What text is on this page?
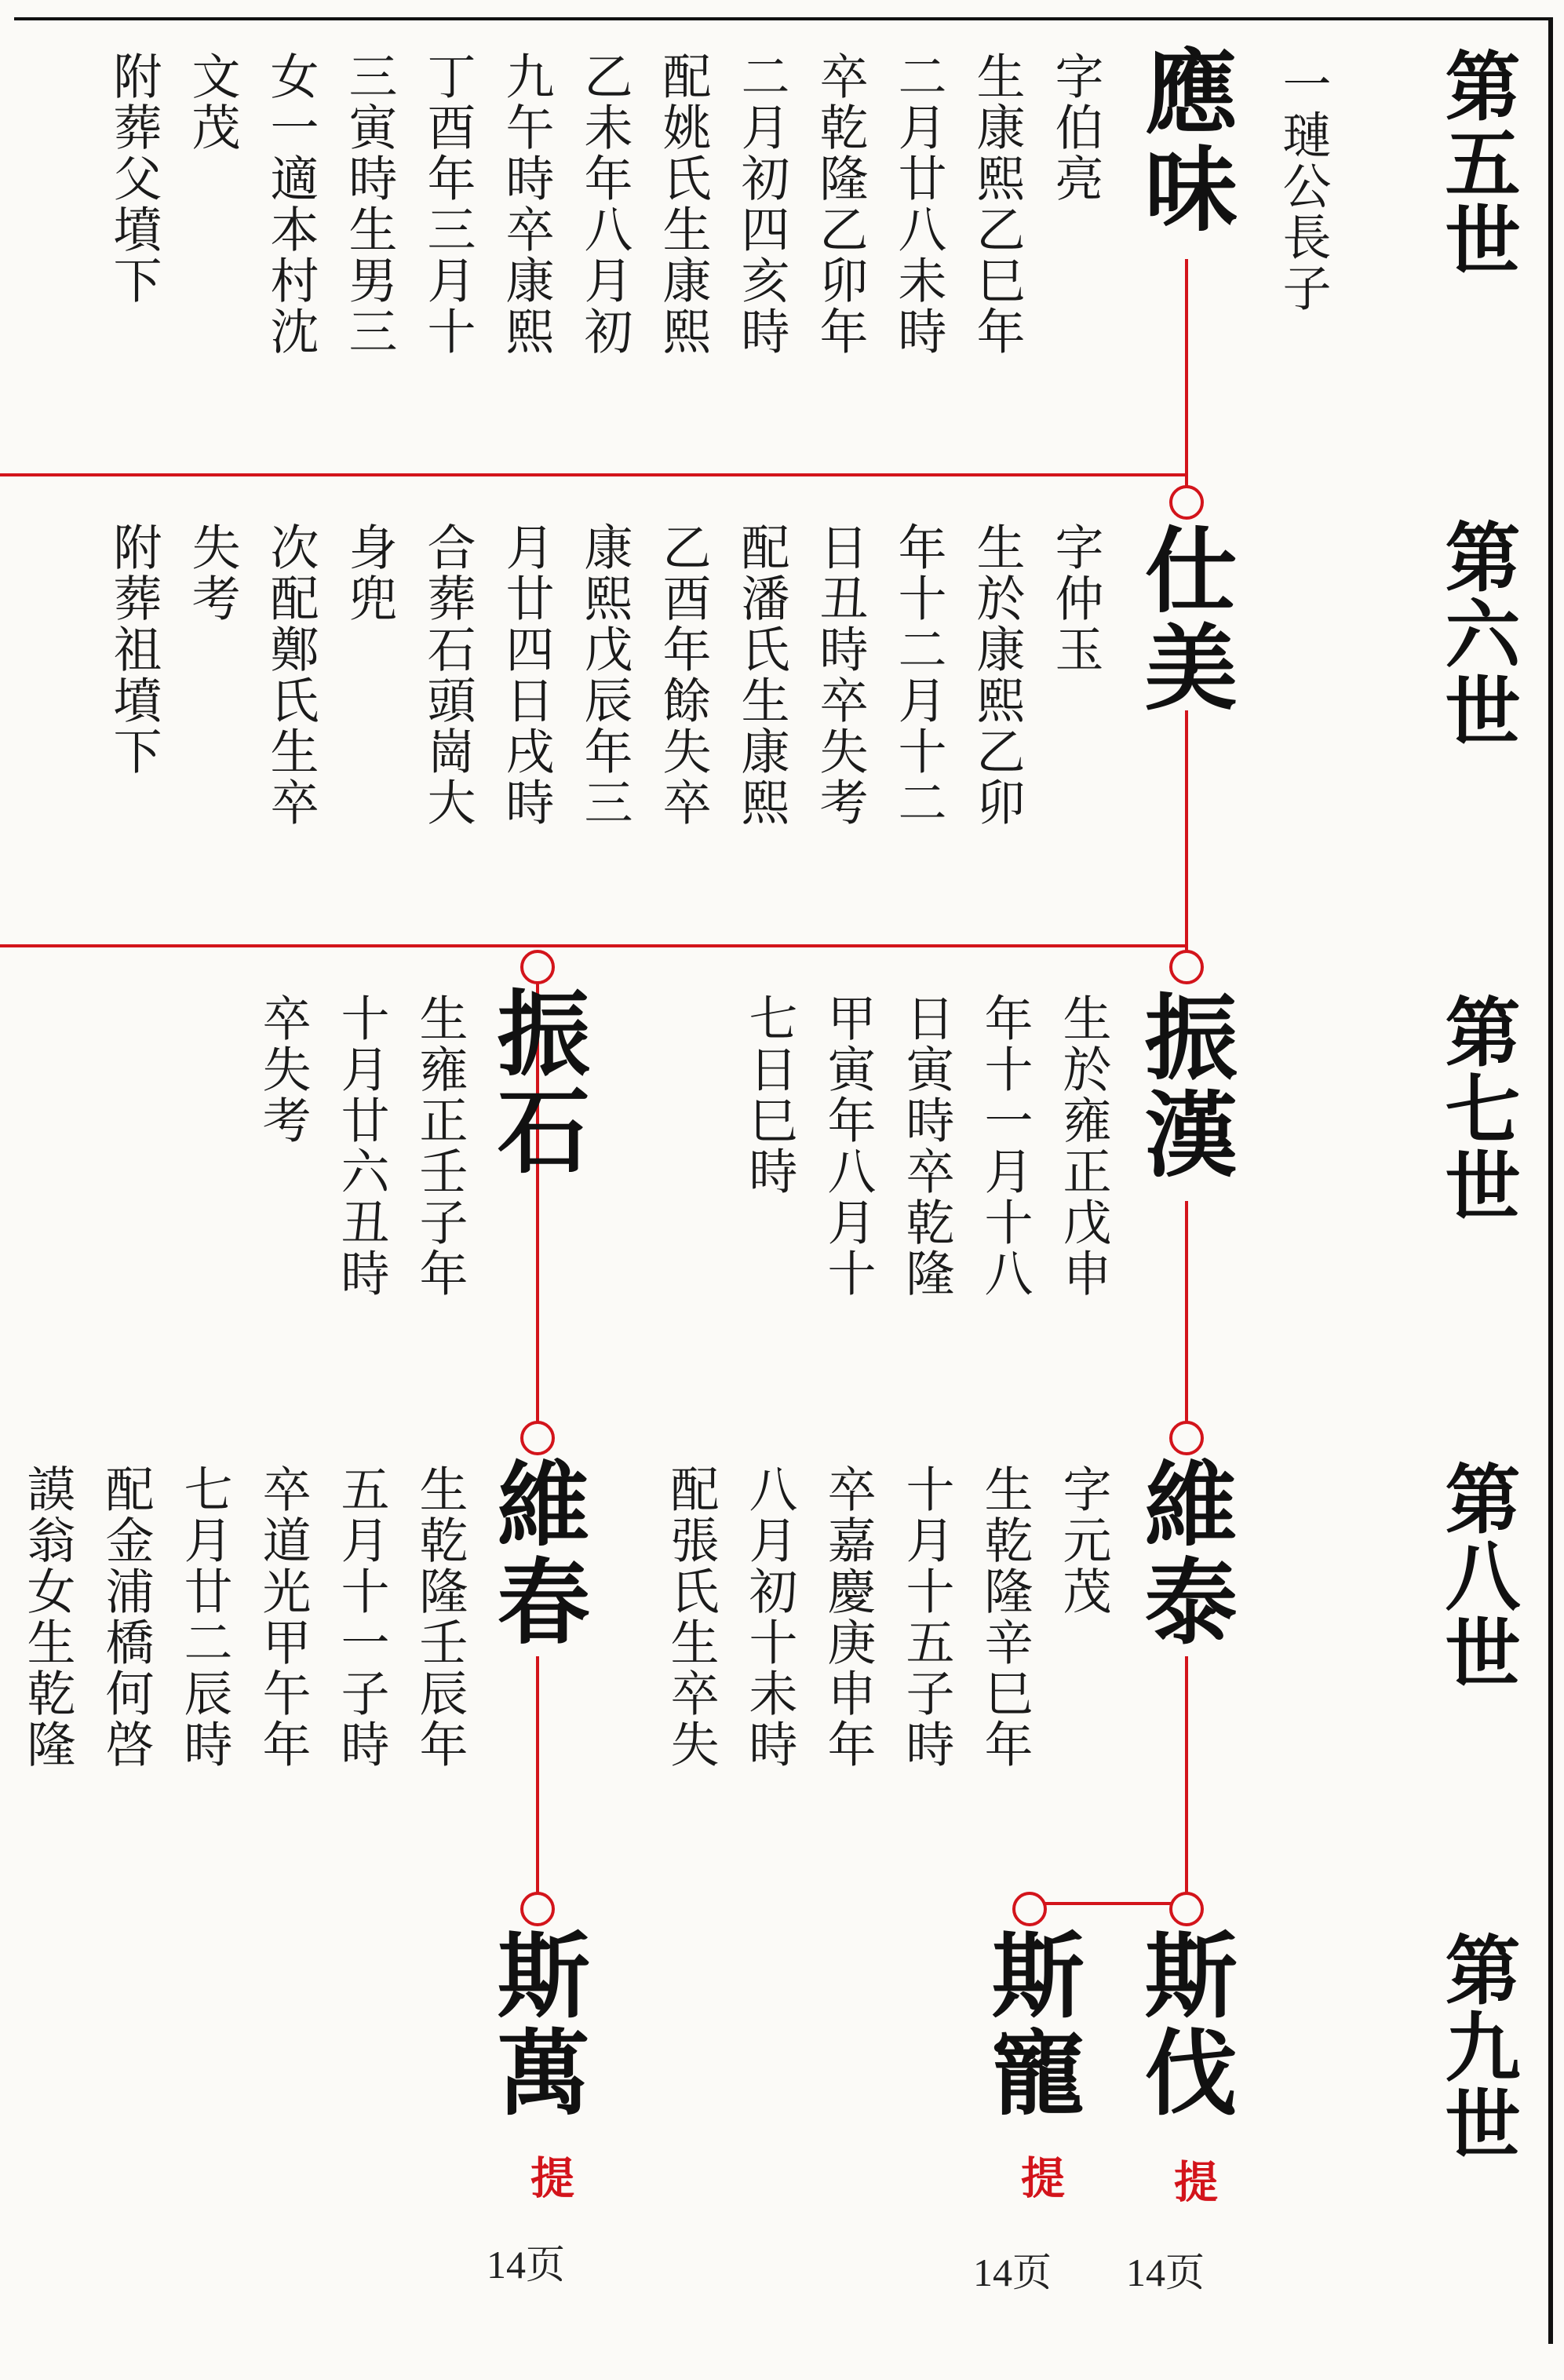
第五世
第六世
第七世
第八世
第九世
一璉公長子
應味
字伯亮
生康熙乙巳年
二月廿八未時
卒乾隆乙卯年
二月初四亥時
配姚氏生康熙
乙未年八月初
九午時卒康熙
丁酉年三月十
三寅時生男三
女一適本村沈
文茂
附葬父墳下
仕美
字仲玉
生於康熙乙卯
年十二月十二
日丑時卒失考
配潘氏生康熙
乙酉年餘失卒
康熙戊辰年三
月廿四日戌時
合葬石頭崗大
身兜
次配鄭氏生卒
失考
附葬祖墳下
振漢
生於雍正戊申
年十一月十八
日寅時卒乾隆
甲寅年八月十
七日巳時
振石
生雍正壬子年
十月廿六丑時
卒失考
維泰
字元茂
生乾隆辛巳年
十月十五子時
卒嘉慶庚申年
八月初十未時
配張氏生卒失
維春
生乾隆壬辰年
五月十一子時
卒道光甲午年
七月廿二辰時
配金浦橋何啓
謨翁女生乾隆
斯伐
斯寵
斯萬
提
提
提
14页
14页
14页
